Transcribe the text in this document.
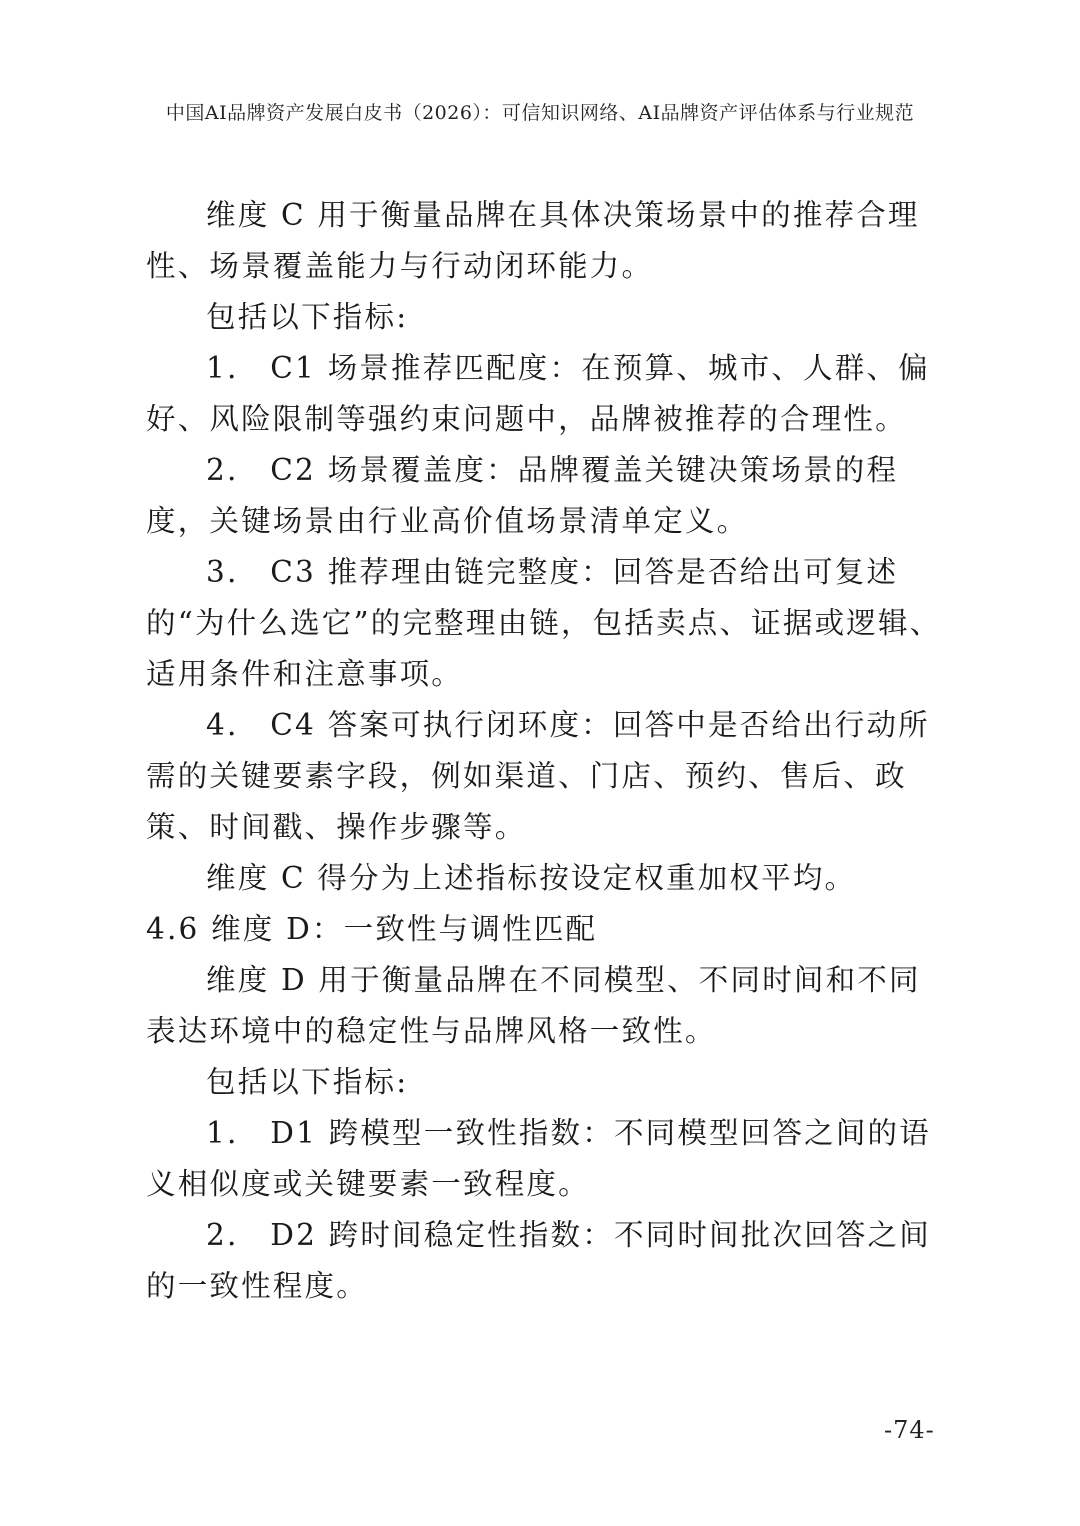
中国AI品牌资产发展白皮书（2026）：可信知识网络、AI品牌资产评估体系与行业规范

维度 C 用于衡量品牌在具体决策场景中的推荐合理性、场景覆盖能力与行动闭环能力。

包括以下指标:

1.　C1 场景推荐匹配度：在预算、城市、人群、偏好、风险限制等强约束问题中，品牌被推荐的合理性。

2.　C2 场景覆盖度：品牌覆盖关键决策场景的程度，关键场景由行业高价值场景清单定义。

3.　C3 推荐理由链完整度：回答是否给出可复述的“为什么选它”的完整理由链，包括卖点、证据或逻辑、适用条件和注意事项。

4.　C4 答案可执行闭环度：回答中是否给出行动所需的关键要素字段，例如渠道、门店、预约、售后、政策、时间戳、操作步骤等。

维度 C 得分为上述指标按设定权重加权平均。

4.6 维度 D：一致性与调性匹配

维度 D 用于衡量品牌在不同模型、不同时间和不同表达环境中的稳定性与品牌风格一致性。

包括以下指标:

1.　D1 跨模型一致性指数：不同模型回答之间的语义相似度或关键要素一致程度。

2.　D2 跨时间稳定性指数：不同时间批次回答之间的一致性程度。

-74-
